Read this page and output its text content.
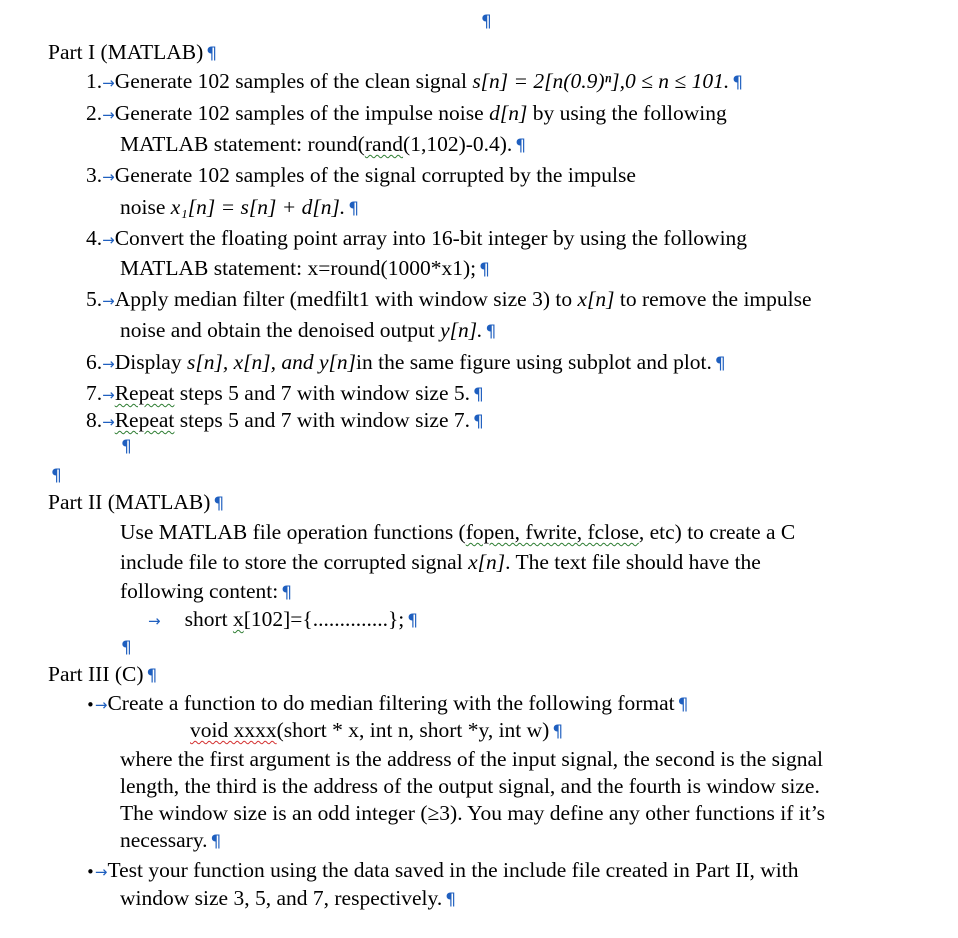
¶
Part I (MATLAB) ¶
1.→Generate 102 samples of the clean signal s[n] = 2[n(0.9)ⁿ],0 ≤ n ≤ 101. ¶
2.→Generate 102 samples of the impulse noise d[n] by using the following
MATLAB statement: round(rand(1,102)-0.4). ¶
3.→Generate 102 samples of the signal corrupted by the impulse
noise x₁[n] = s[n] + d[n]. ¶
4.→Convert the floating point array into 16-bit integer by using the following
MATLAB statement: x=round(1000*x1); ¶
5.→Apply median filter (medfilt1 with window size 3) to x[n] to remove the impulse
noise and obtain the denoised output y[n]. ¶
6.→Display s[n], x[n], and y[n]in the same figure using subplot and plot. ¶
7.→Repeat steps 5 and 7 with window size 5. ¶
8.→Repeat steps 5 and 7 with window size 7. ¶
¶
¶
Part II (MATLAB) ¶
Use MATLAB file operation functions (fopen, fwrite, fclose, etc) to create a C
include file to store the corrupted signal x[n]. The text file should have the
following content: ¶
→ short x[102]={..............}; ¶
¶
Part III (C) ¶
•→Create a function to do median filtering with the following format ¶
void xxxx(short * x, int n, short *y, int w) ¶
where the first argument is the address of the input signal, the second is the signal
length, the third is the address of the output signal, and the fourth is window size.
The window size is an odd integer (≥3). You may define any other functions if it’s
necessary. ¶
•→Test your function using the data saved in the include file created in Part II, with
window size 3, 5, and 7, respectively. ¶
